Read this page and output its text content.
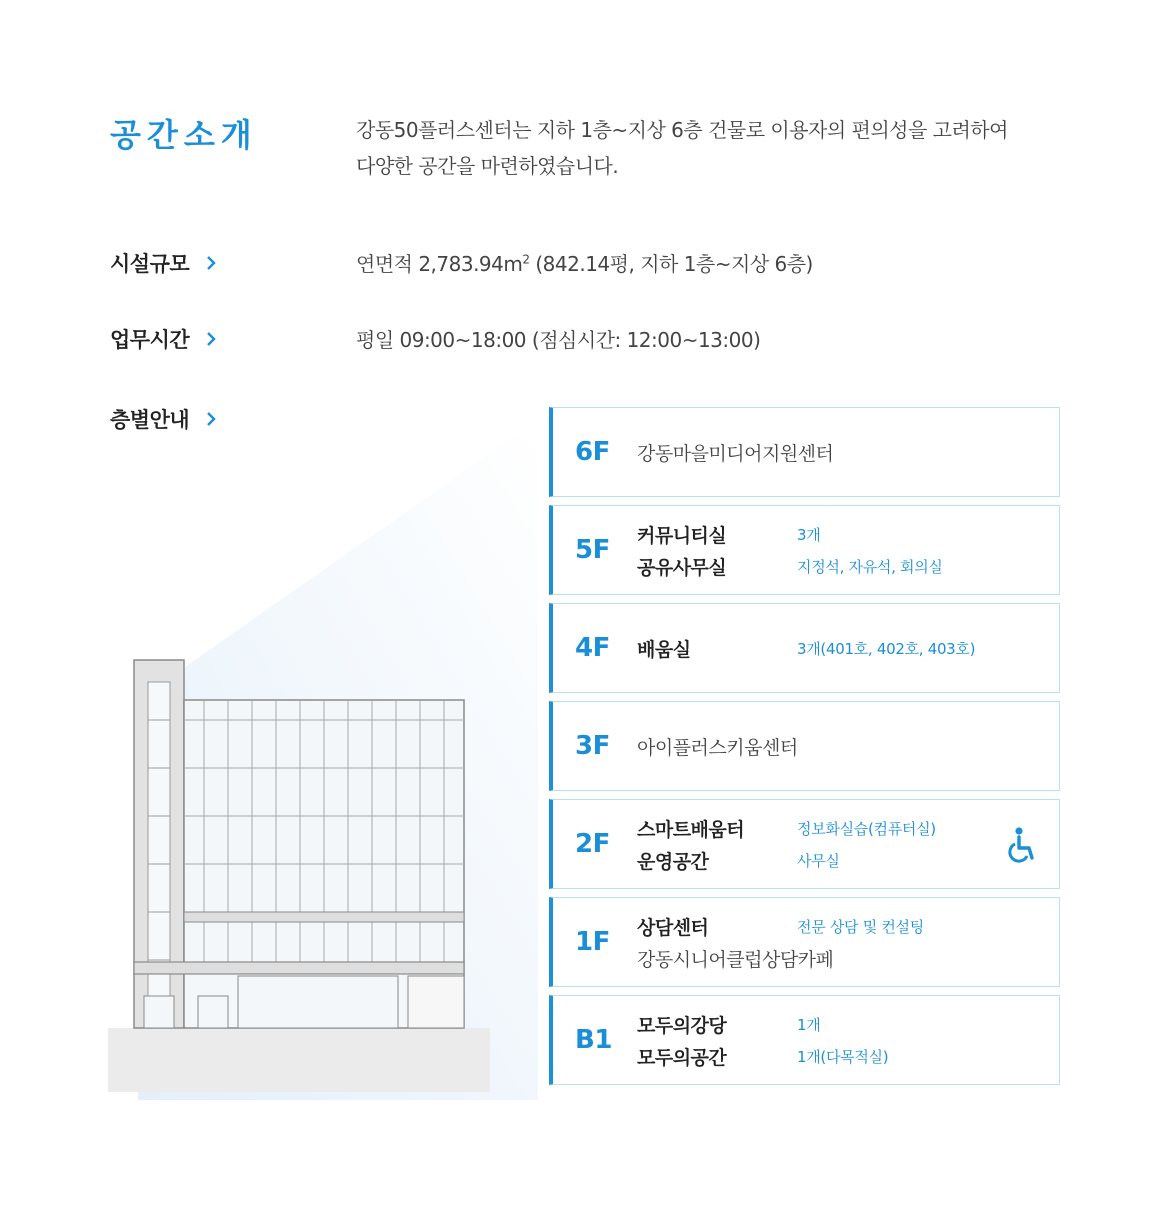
공간소개	강동50플러스센터는 지하 1층~지상 6층 건물로 이용자의 편의성을 고려하여
다양한 공간을 마련하였습니다.
시설규모	연면적 $2,783.94m^2$ (842.14평, 지하 1층~지상 6층)
업무시간	평일 09:00~18:00 (점심시간: 12:00~13:00)
층별안내
6F 강동마을미디어지원센터
5F 커뮤니티실	3개
공유사무실	지정석, 자유석, 회의실
4F 배움실	3개(401호, 402호, 403호)
3F 아이플러스키움센터
2F 스마트배움터	정보화실습(컴퓨터실)
운영공간	사무실
1F 상담센터	전문 상담 및 컨설팅
강동시니어클럽상담카페
B1 모두의강당	1개
모두의공간	1개(다목적실)
